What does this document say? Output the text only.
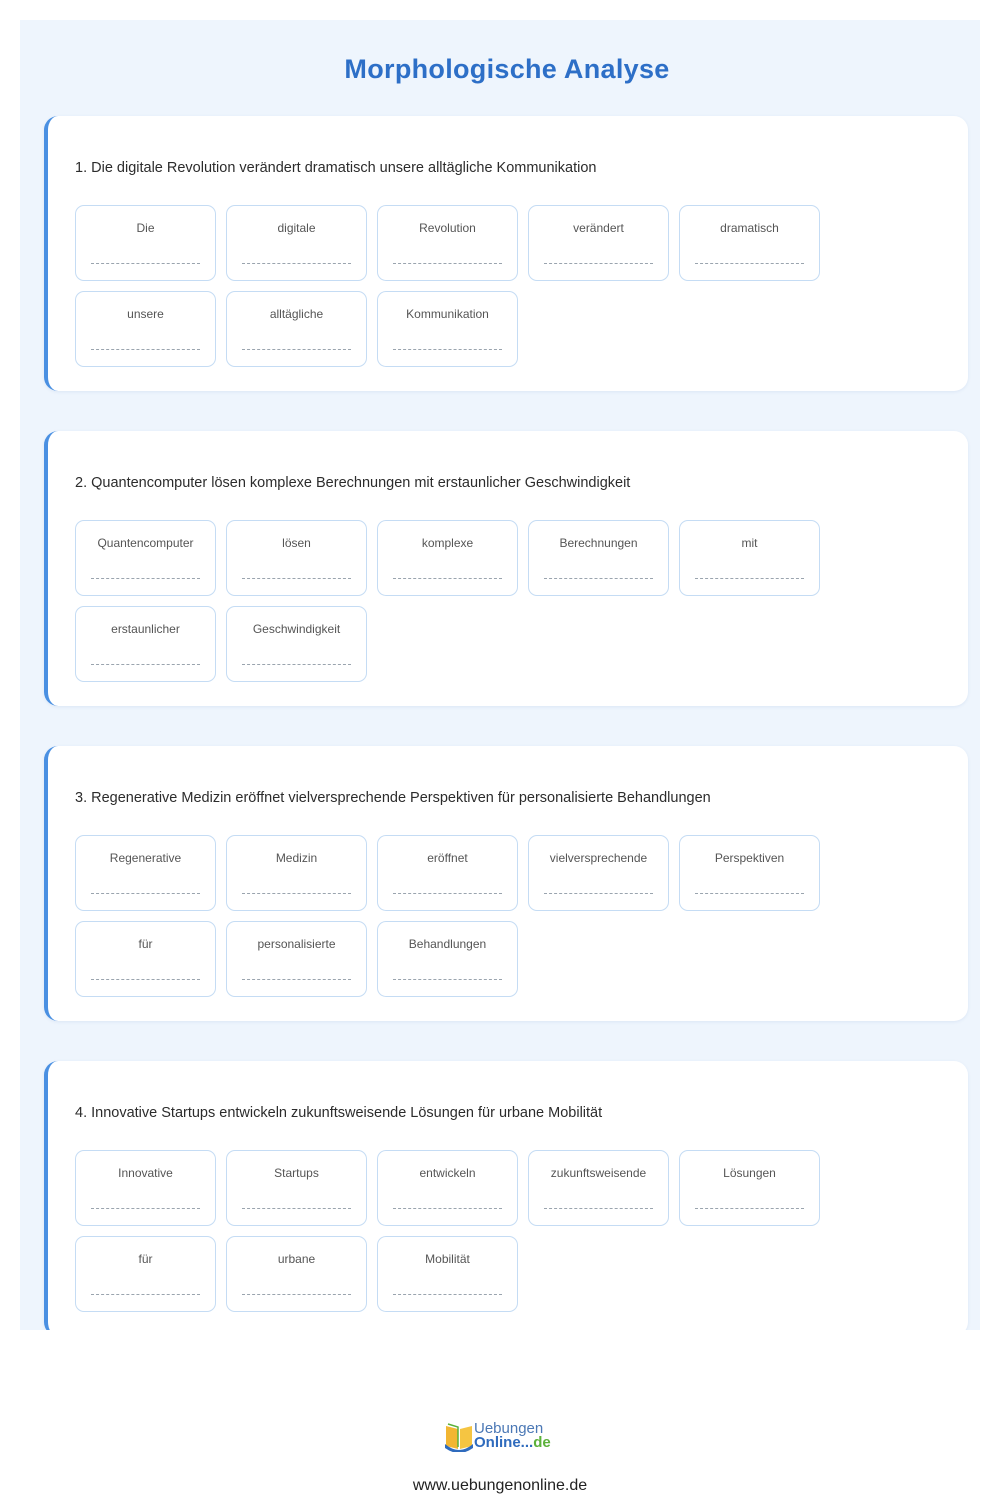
Morphologische Analyse
1. Die digitale Revolution verändert dramatisch unsere alltägliche Kommunikation
Die	digitale	Revolution	verändert	dramatisch
unsere	alltägliche	Kommunikation
2. Quantencomputer lösen komplexe Berechnungen mit erstaunlicher Geschwindigkeit
Quantencomputer	lösen	komplexe	Berechnungen	mit
erstaunlicher	Geschwindigkeit
3. Regenerative Medizin eröffnet vielversprechende Perspektiven für personalisierte Behandlungen
Regenerative	Medizin	eröffnet	vielversprechende	Perspektiven
für	personalisierte	Behandlungen
4. Innovative Startups entwickeln zukunftsweisende Lösungen für urbane Mobilität
Innovative	Startups	entwickeln	zukunftsweisende	Lösungen
für	urbane	Mobilität
Uebungen
Online...de
www.uebungenonline.de
